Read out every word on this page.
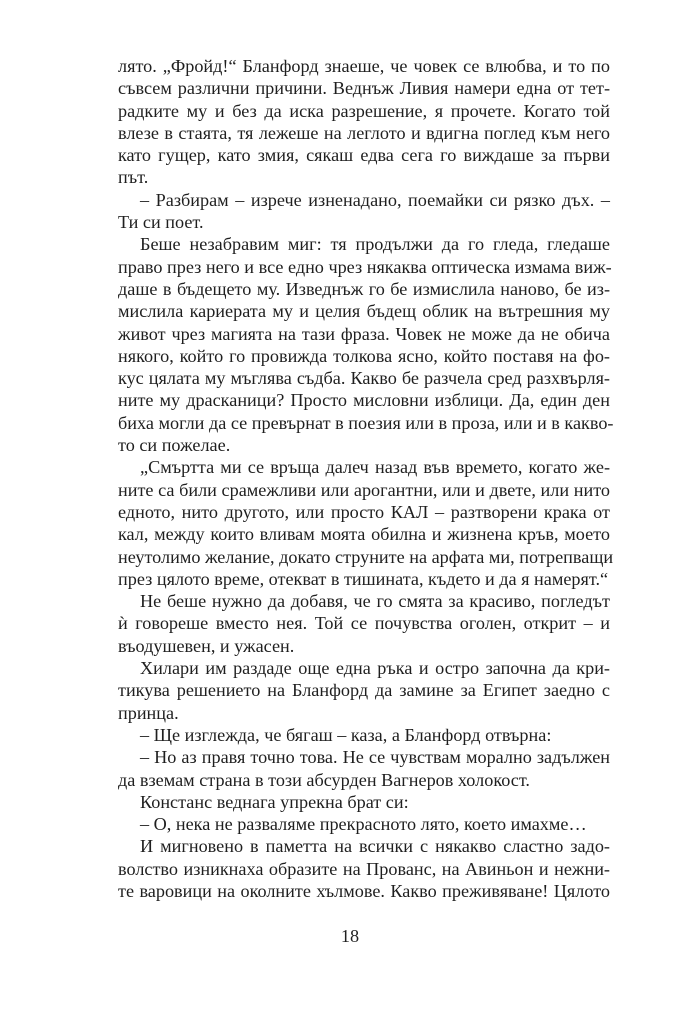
лято. „Фройд!“ Бланфорд знаеше, че човек се влюбва, и то по
съвсем различни причини. Веднъж Ливия намери една от тет-
радките му и без да иска разрешение, я прочете. Когато той
влезе в стаята, тя лежеше на леглото и вдигна поглед към него
като гущер, като змия, сякаш едва сега го виждаше за първи
път.
– Разбирам – изрече изненадано, поемайки си рязко дъх. –
Ти си поет.
Беше незабравим миг: тя продължи да го гледа, гледаше
право през него и все едно чрез някаква оптическа измама виж-
даше в бъдещето му. Изведнъж го бе измислила наново, бе из-
мислила кариерата му и целия бъдещ облик на вътрешния му
живот чрез магията на тази фраза. Човек не може да не обича
някого, който го провижда толкова ясно, който поставя на фо-
кус цялата му мъглява съдба. Какво бе разчела сред разхвърля-
ните му драсканици? Просто мисловни изблици. Да, един ден
биха могли да се превърнат в поезия или в проза, или и в какво-
то си пожелае.
„Смъртта ми се връща далеч назад във времето, когато же-
ните са били срамежливи или арогантни, или и двете, или нито
едното, нито другото, или просто КАЛ – разтворени крака от
кал, между които вливам моята обилна и жизнена кръв, моето
неутолимо желание, докато струните на арфата ми, потрепващи
през цялото време, отекват в тишината, където и да я намерят.“
Не беше нужно да добавя, че го смята за красиво, погледът
ѝ говореше вместо нея. Той се почувства оголен, открит – и
въодушевен, и ужасен.
Хилари им раздаде още една ръка и остро започна да кри-
тикува решението на Бланфорд да замине за Египет заедно с
принца.
– Ще изглежда, че бягаш – каза, а Бланфорд отвърна:
– Но аз правя точно това. Не се чувствам морално задължен
да вземам страна в този абсурден Вагнеров холокост.
Констанс веднага упрекна брат си:
– О, нека не разваляме прекрасното лято, което имахме…
И мигновено в паметта на всички с някакво сластно задо-
волство изникнаха образите на Прованс, на Авиньон и нежни-
те варовици на околните хълмове. Какво преживяване! Цялото
18
